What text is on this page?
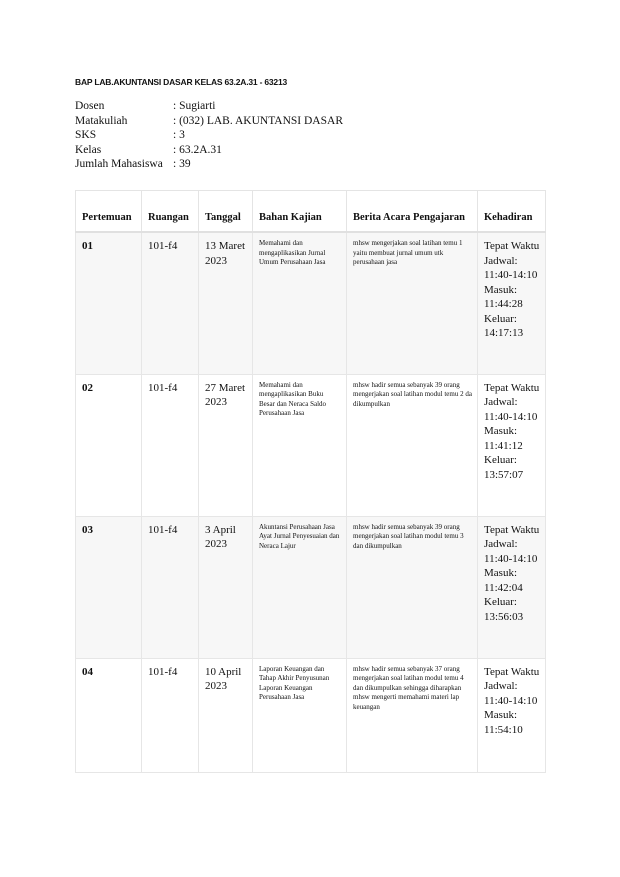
BAP LAB.AKUNTANSI DASAR KELAS 63.2A.31 - 63213
Dosen	: Sugiarti
Matakuliah	: (032) LAB. AKUNTANSI DASAR
SKS	: 3
Kelas	: 63.2A.31
Jumlah Mahasiswa : 39
Pertemuan	Ruangan	Tanggal	Bahan Kajian	Berita Acara Pengajaran	Kehadiran
01	101-f4	13 Maret 2023	Memahami dan mengaplikasikan Jurnal Umum Perusahaan Jasa	mhsw mengerjakan soal latihan temu 1 yaitu membuat jurnal umum utk perusahaan jasa	Tepat Waktu
Jadwal: 11:40-14:10
Masuk: 11:44:28
Keluar: 14:17:13

02	101-f4	27 Maret 2023	Memahami dan mengaplikasikan Buku Besar dan Neraca Saldo Perusahaan Jasa	mhsw hadir semua sebanyak 39 orang mengerjakan soal latihan modul temu 2 da dikumpulkan	Tepat Waktu
Jadwal: 11:40-14:10
Masuk: 11:41:12
Keluar: 13:57:07

03	101-f4	3 April 2023	Akuntansi Perusahaan Jasa Ayat Jurnal Penyesuaian dan Neraca Lajur	mhsw hadir semua sebanyak 39 orang mengerjakan soal latihan modul temu 3 dan dikumpulkan	Tepat Waktu
Jadwal: 11:40-14:10
Masuk: 11:42:04
Keluar: 13:56:03

04	101-f4	10 April 2023	Laporan Keuangan dan Tahap Akhir Penyusunan Laporan Keuangan Perusahaan Jasa	mhsw hadir semua sebanyak 37 orang mengerjakan soal latihan modul temu 4 dan dikumpulkan sehingga diharapkan mhsw mengerti memahami materi lap keuangan	Tepat Waktu
Jadwal: 11:40-14:10
Masuk: 11:54:10
